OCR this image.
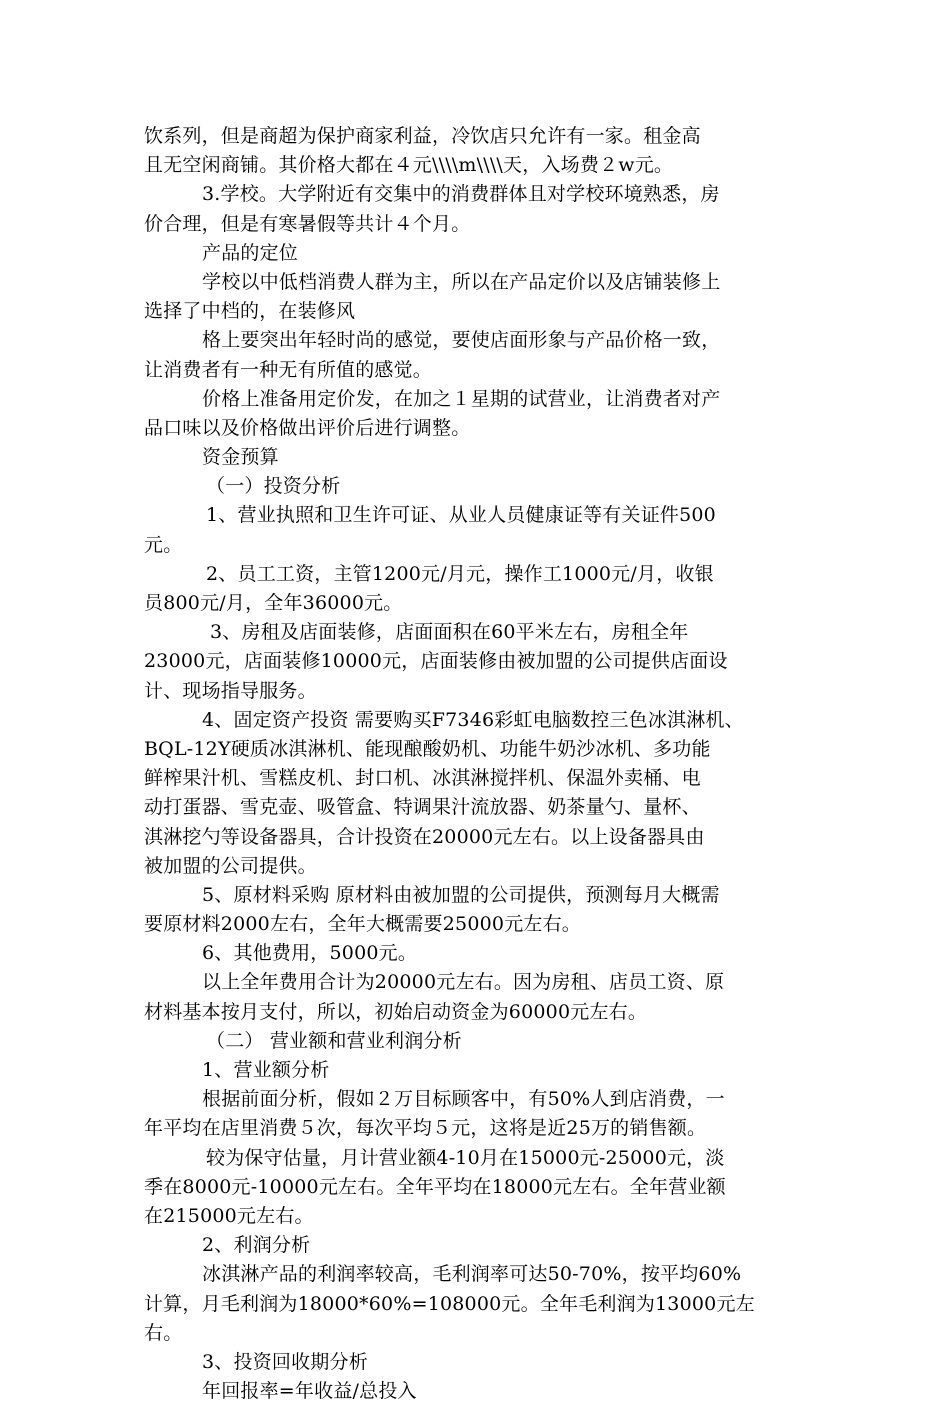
饮系列，但是商超为保护商家利益，冷饮店只允许有一家。租金高
且无空闲商铺。其价格大都在４元\\\\m\\\\天，入场费２w元。
3.学校。大学附近有交集中的消费群体且对学校环境熟悉，房
价合理，但是有寒暑假等共计４个月。
产品的定位
学校以中低档消费人群为主，所以在产品定价以及店铺装修上
选择了中档的，在装修风
格上要突出年轻时尚的感觉，要使店面形象与产品价格一致，
让消费者有一种无有所值的感觉。
价格上准备用定价发，在加之１星期的试营业，让消费者对产
品口味以及价格做出评价后进行调整。
资金预算
（一）投资分析
1、营业执照和卫生许可证、从业人员健康证等有关证件500
元。
2、员工工资，主管1200元/月元，操作工1000元/月，收银
员800元/月，全年36000元。
3、房租及店面装修，店面面积在60平米左右，房租全年
23000元，店面装修10000元，店面装修由被加盟的公司提供店面设
计、现场指导服务。
4、固定资产投资 需要购买F7346彩虹电脑数控三色冰淇淋机、
BQL-12Y硬质冰淇淋机、能现酿酸奶机、功能牛奶沙冰机、多功能
鲜榨果汁机、雪糕皮机、封口机、冰淇淋搅拌机、保温外卖桶、电
动打蛋器、雪克壶、吸管盒、特调果汁流放器、奶茶量勺、量杯、
淇淋挖勺等设备器具，合计投资在20000元左右。以上设备器具由
被加盟的公司提供。
5、原材料采购 原材料由被加盟的公司提供，预测每月大概需
要原材料2000左右，全年大概需要25000元左右。
6、其他费用，5000元。
以上全年费用合计为20000元左右。因为房租、店员工资、原
材料基本按月支付，所以，初始启动资金为60000元左右。
（二） 营业额和营业利润分析
1、营业额分析
根据前面分析，假如２万目标顾客中，有50%人到店消费，一
年平均在店里消费５次，每次平均５元，这将是近25万的销售额。
较为保守估量，月计营业额4-10月在15000元-25000元，淡
季在8000元-10000元左右。全年平均在18000元左右。全年营业额
在215000元左右。
2、利润分析
冰淇淋产品的利润率较高，毛利润率可达50-70%，按平均60%
计算，月毛利润为18000*60%=108000元。全年毛利润为13000元左
右。
3、投资回收期分析
年回报率=年收益/总投入
